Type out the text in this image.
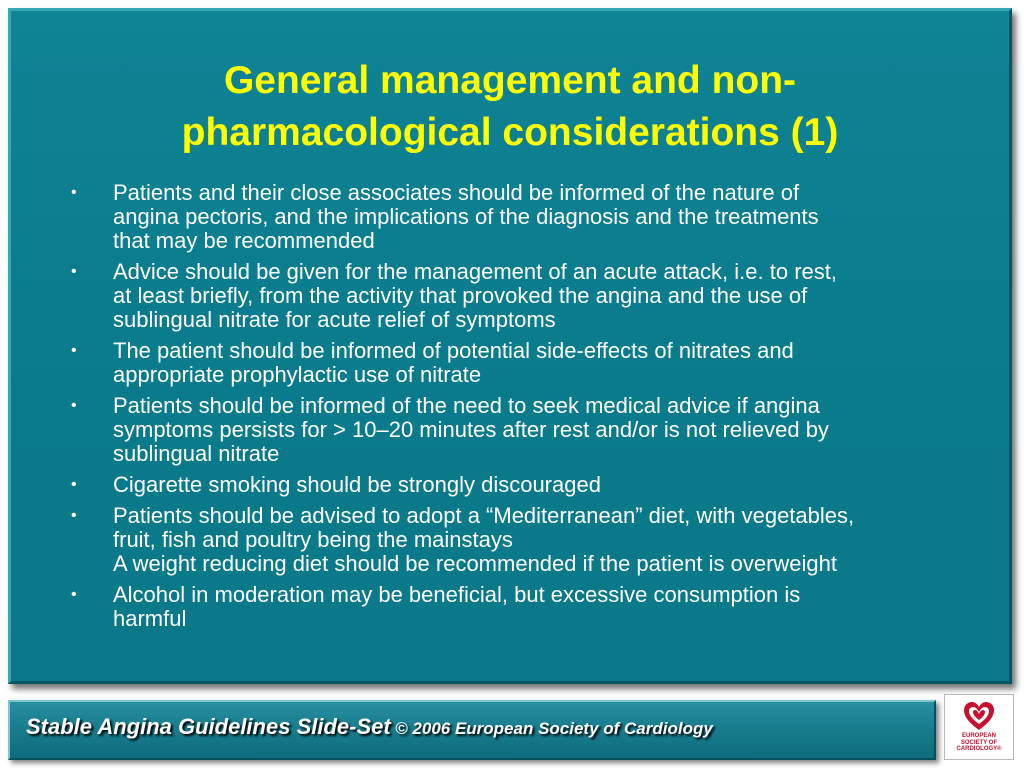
General management and non-
pharmacological considerations (1)
• Patients and their close associates should be informed of the nature of
angina pectoris, and the implications of the diagnosis and the treatments
that may be recommended
• Advice should be given for the management of an acute attack, i.e. to rest,
at least briefly, from the activity that provoked the angina and the use of
sublingual nitrate for acute relief of symptoms
• The patient should be informed of potential side-effects of nitrates and
appropriate prophylactic use of nitrate
• Patients should be informed of the need to seek medical advice if angina
symptoms persists for > 10–20 minutes after rest and/or is not relieved by
sublingual nitrate
• Cigarette smoking should be strongly discouraged
• Patients should be advised to adopt a “Mediterranean” diet, with vegetables,
fruit, fish and poultry being the mainstays
A weight reducing diet should be recommended if the patient is overweight
• Alcohol in moderation may be beneficial, but excessive consumption is
harmful
Stable Angina Guidelines Slide-Set © 2006 European Society of Cardiology	EUROPEAN
SOCIETY OF
CARDIOLOGY®
